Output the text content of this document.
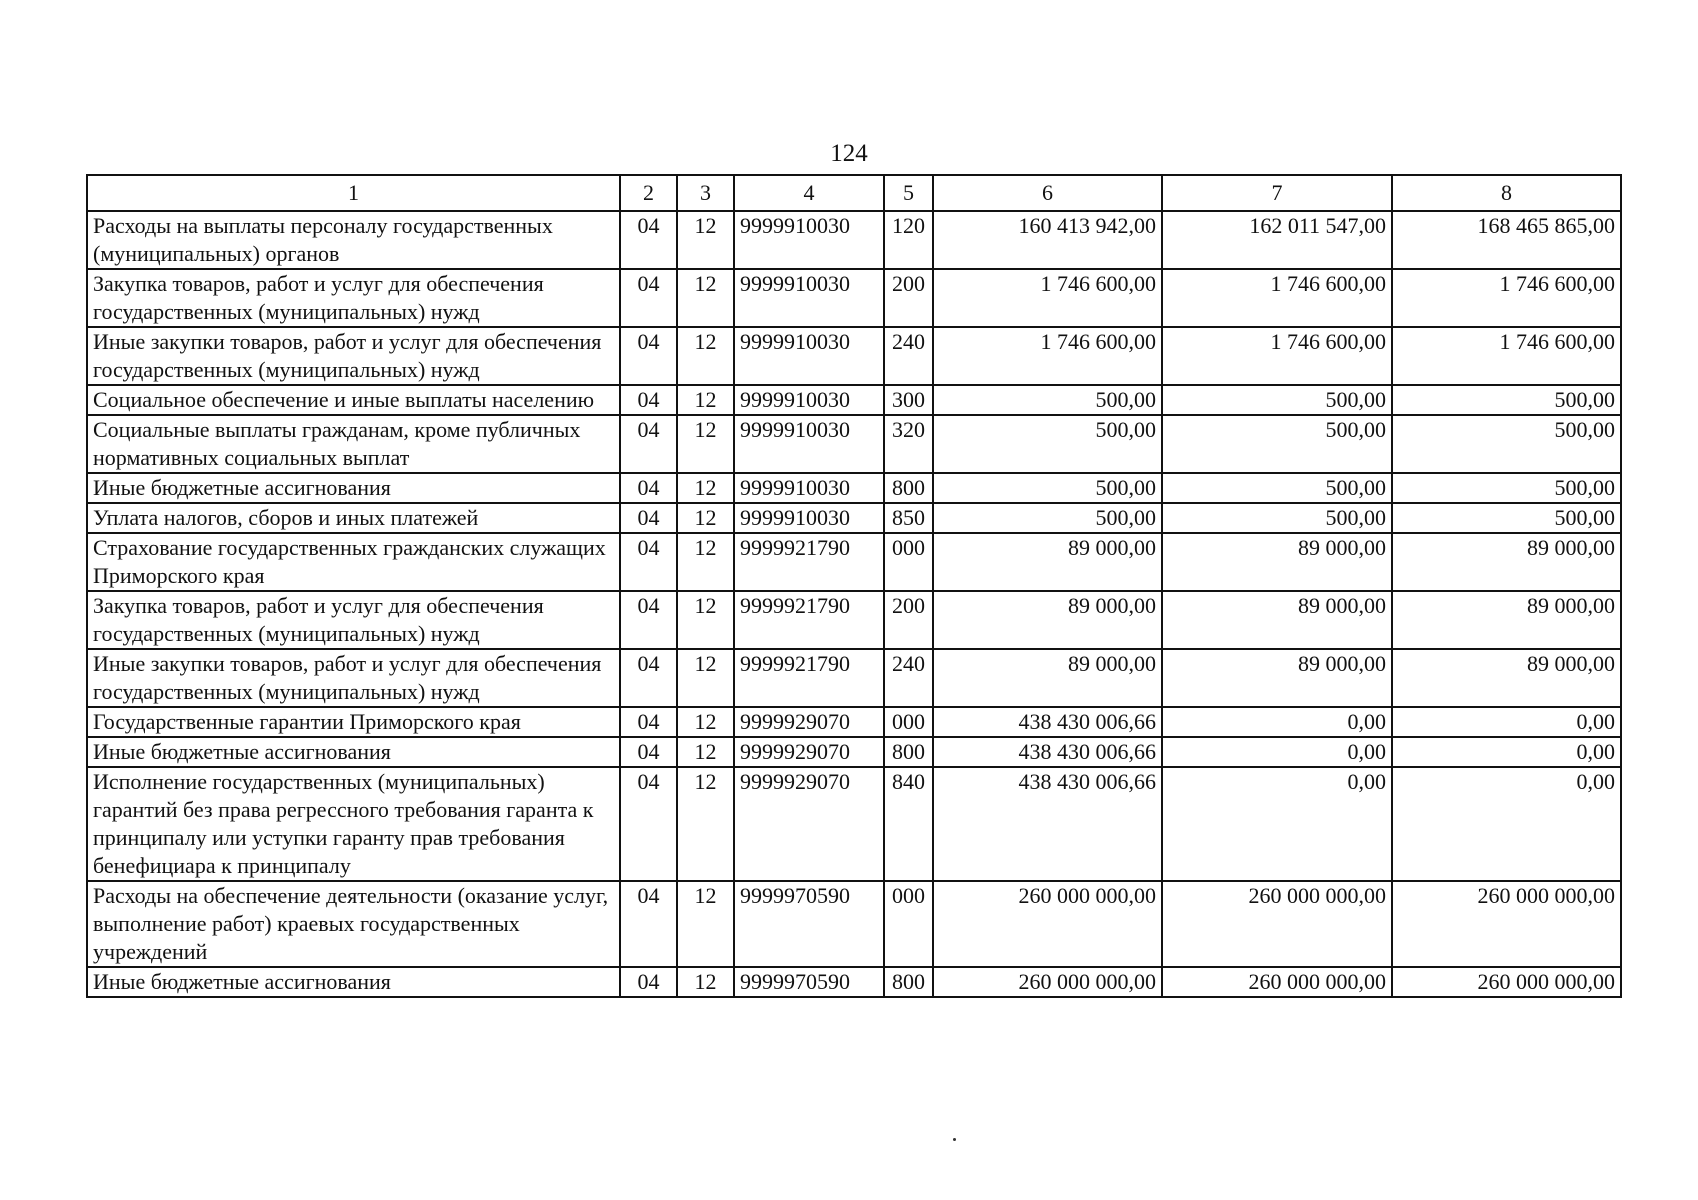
124
1	2	3	4	5	6	7	8
Расходы на выплаты персоналу государственных (муниципальных) органов	04	12	9999910030	120	160 413 942,00	162 011 547,00	168 465 865,00
Закупка товаров, работ и услуг для обеспечения государственных (муниципальных) нужд	04	12	9999910030	200	1 746 600,00	1 746 600,00	1 746 600,00
Иные закупки товаров, работ и услуг для обеспечения государственных (муниципальных) нужд	04	12	9999910030	240	1 746 600,00	1 746 600,00	1 746 600,00
Социальное обеспечение и иные выплаты населению	04	12	9999910030	300	500,00	500,00	500,00
Социальные выплаты гражданам, кроме публичных нормативных социальных выплат	04	12	9999910030	320	500,00	500,00	500,00
Иные бюджетные ассигнования	04	12	9999910030	800	500,00	500,00	500,00
Уплата налогов, сборов и иных платежей	04	12	9999910030	850	500,00	500,00	500,00
Страхование государственных гражданских служащих Приморского края	04	12	9999921790	000	89 000,00	89 000,00	89 000,00
Закупка товаров, работ и услуг для обеспечения государственных (муниципальных) нужд	04	12	9999921790	200	89 000,00	89 000,00	89 000,00
Иные закупки товаров, работ и услуг для обеспечения государственных (муниципальных) нужд	04	12	9999921790	240	89 000,00	89 000,00	89 000,00
Государственные гарантии Приморского края	04	12	9999929070	000	438 430 006,66	0,00	0,00
Иные бюджетные ассигнования	04	12	9999929070	800	438 430 006,66	0,00	0,00
Исполнение государственных (муниципальных) гарантий без права регрессного требования гаранта к принципалу или уступки гаранту прав требования бенефициара к принципалу	04	12	9999929070	840	438 430 006,66	0,00	0,00
Расходы на обеспечение деятельности (оказание услуг, выполнение работ) краевых государственных учреждений	04	12	9999970590	000	260 000 000,00	260 000 000,00	260 000 000,00
Иные бюджетные ассигнования	04	12	9999970590	800	260 000 000,00	260 000 000,00	260 000 000,00
